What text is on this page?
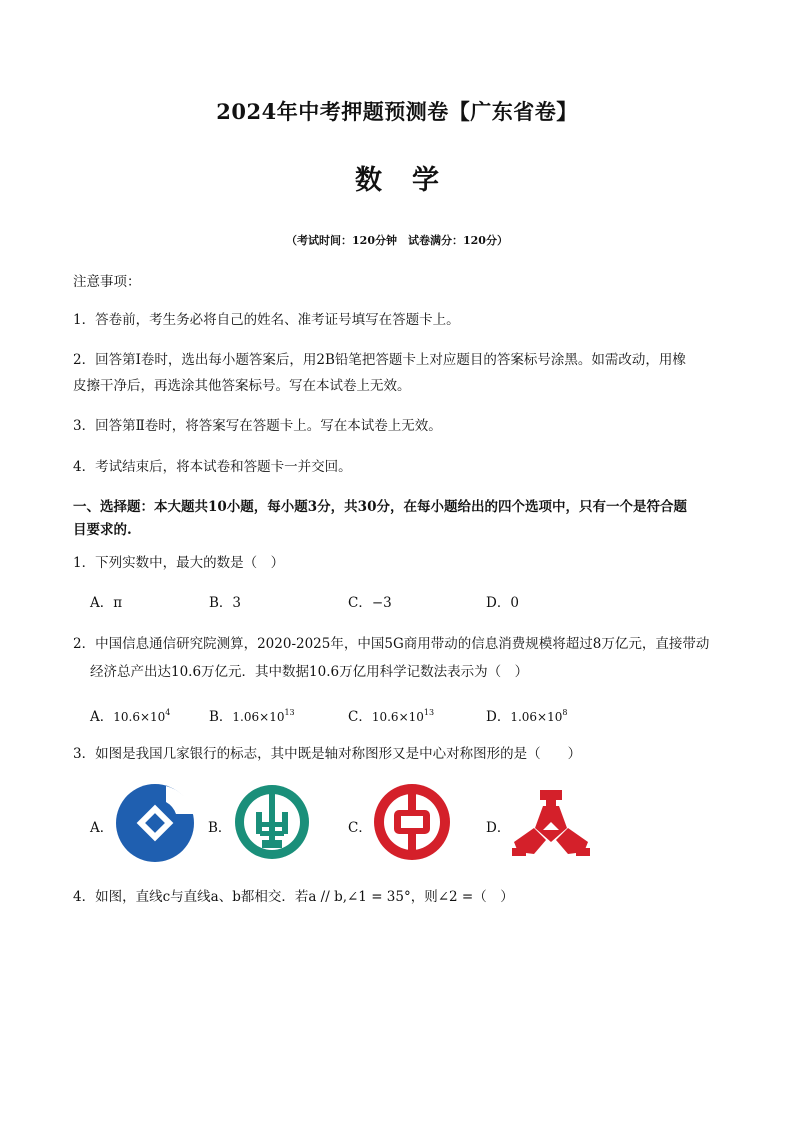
2024年中考押题预测卷【广东省卷】
数学
（考试时间：120分钟　试卷满分：120分）
注意事项：
1．答卷前，考生务必将自己的姓名、准考证号填写在答题卡上。
2．回答第Ⅰ卷时，选出每小题答案后，用2B铅笔把答题卡上对应题目的答案标号涂黑。如需改动，用橡
皮擦干净后，再选涂其他答案标号。写在本试卷上无效。
3．回答第Ⅱ卷时，将答案写在答题卡上。写在本试卷上无效。
4．考试结束后，将本试卷和答题卡一并交回。
一、选择题：本大题共10小题，每小题3分，共30分，在每小题给出的四个选项中，只有一个是符合题
目要求的.
1．下列实数中，最大的数是（　）
A．π	B．3	C．−3	D．0
2．中国信息通信研究院测算，2020-2025年，中国5G商用带动的信息消费规模将超过8万亿元，直接带动
经济总产出达10.6万亿元．其中数据10.6万亿用科学记数法表示为（　）
A．$10.6\times 10^4$	B．$1.06\times 10^{13}$	C．$10.6\times 10^{13}$	D．$1.06\times 10^8$
3．如图是我国几家银行的标志，其中既是轴对称图形又是中心对称图形的是（　　）
A．	B．	C．	D．
4．如图，直线c与直线a、b都相交．若a // b,∠1 = 35°，则∠2 =（　）
